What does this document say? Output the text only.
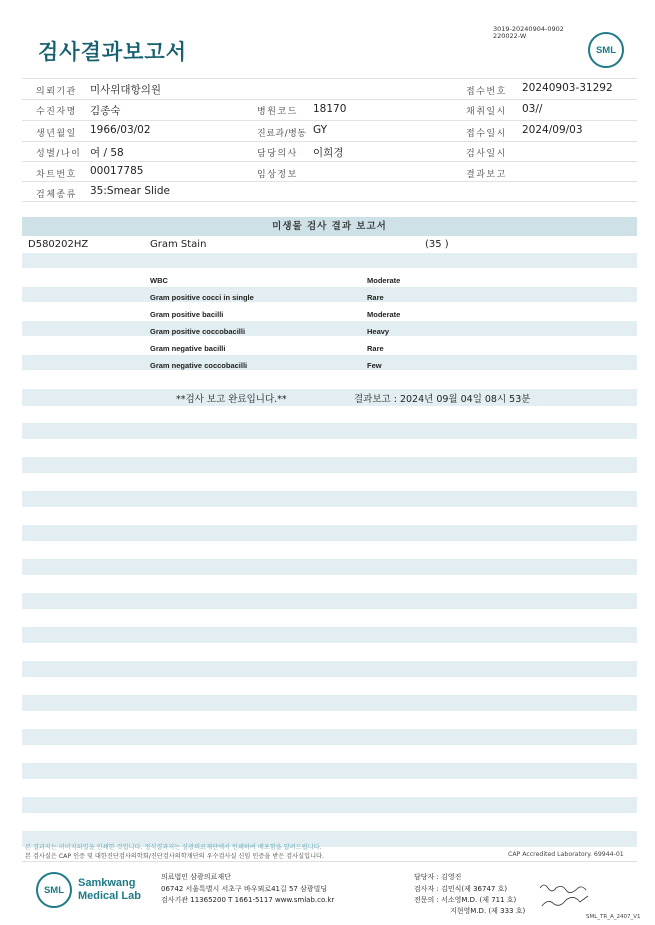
검사결과보고서
3019-20240904-0902
220022-W
SML
의뢰기관 미사위대항의원	접수번호 20240903-31292
수진자명 김종숙	병원코드 18170	채취일시 03//
생년월일 1966/03/02	진료과/병동 GY	접수일시 2024/09/03
성별/나이 여 / 58	담당의사 이희경	검사일시
차트번호 00017785	임상정보	결과보고
검체종류 35:Smear Slide
미생물 검사 결과 보고서
D580202HZ	Gram Stain	(35 )
WBC	Moderate
Gram positive cocci in single	Rare
Gram positive bacilli	Moderate
Gram positive coccobacilli	Heavy
Gram negative bacilli	Rare
Gram negative coccobacilli	Few
**검사 보고 완료입니다.**	결과보고 : 2024년 09월 04일 08시 53분
본 결과지는 이미지파일을 인쇄한 것입니다. 정식결과지는 삼광의료재단에서 인쇄하여 배포함을 알려드립니다.
본 검사실은 CAP 인증 및 대한진단검사의학회/진단검사의학재단의 우수검사실 신임 인증을 받은 검사실입니다.	CAP Accredited Laboratory. 69944-01
SML
Samkwang
Medical Lab
의료법인 삼광의료재단
06742 서울특별시 서초구 바우뫼로41길 57 삼광빌딩
검사기관 11365200 T 1661-5117 www.smlab.co.kr
담당자 : 김영진
검사자 : 김민식(제 36747 호)
전문의 : 서소영M.D. (제 711 호)
지현영M.D. (제 333 호)
SML_TR_A_2407_V1
